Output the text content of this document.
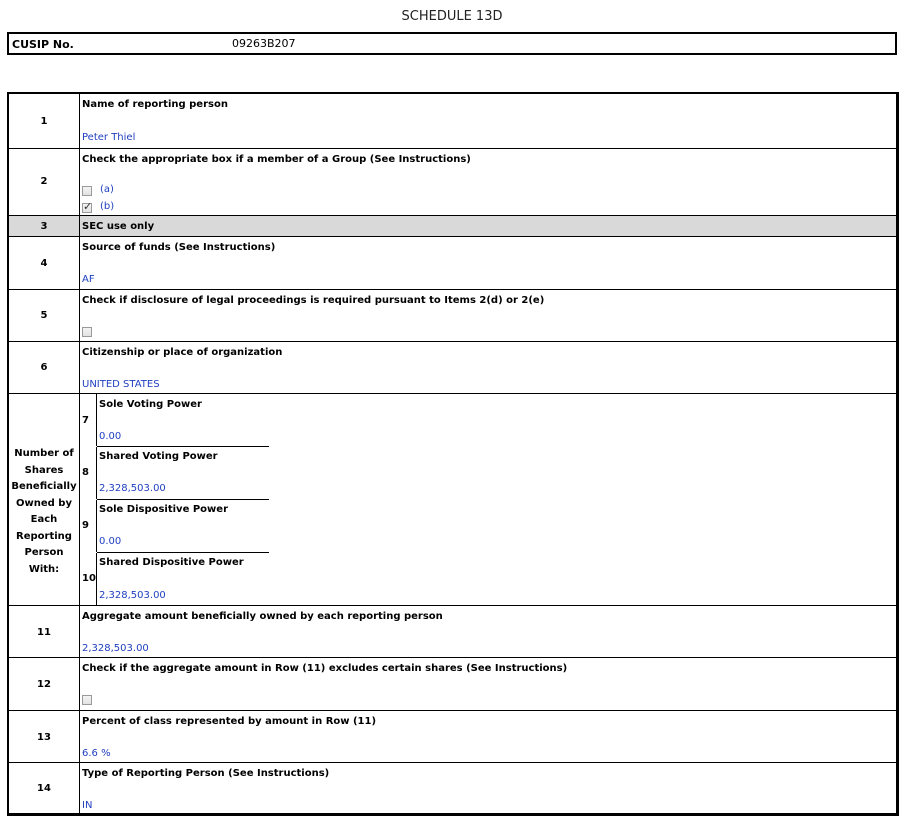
SCHEDULE 13D
CUSIP No.	09263B207
1
Name of reporting person
Peter Thiel
2
Check the appropriate box if a member of a Group (See Instructions)
(a)
✓ (b)
3	SEC use only
4
Source of funds (See Instructions)
AF
5
Check if disclosure of legal proceedings is required pursuant to Items 2(d) or 2(e)
6
Citizenship or place of organization
UNITED STATES
Number of
Shares
Beneficially
Owned by
Each
Reporting
Person With:
7
Sole Voting Power
0.00
8
Shared Voting Power
2,328,503.00
9
Sole Dispositive Power
0.00
10
Shared Dispositive Power
2,328,503.00
11
Aggregate amount beneficially owned by each reporting person
2,328,503.00
12
Check if the aggregate amount in Row (11) excludes certain shares (See Instructions)
13
Percent of class represented by amount in Row (11)
6.6 %
14
Type of Reporting Person (See Instructions)
IN
